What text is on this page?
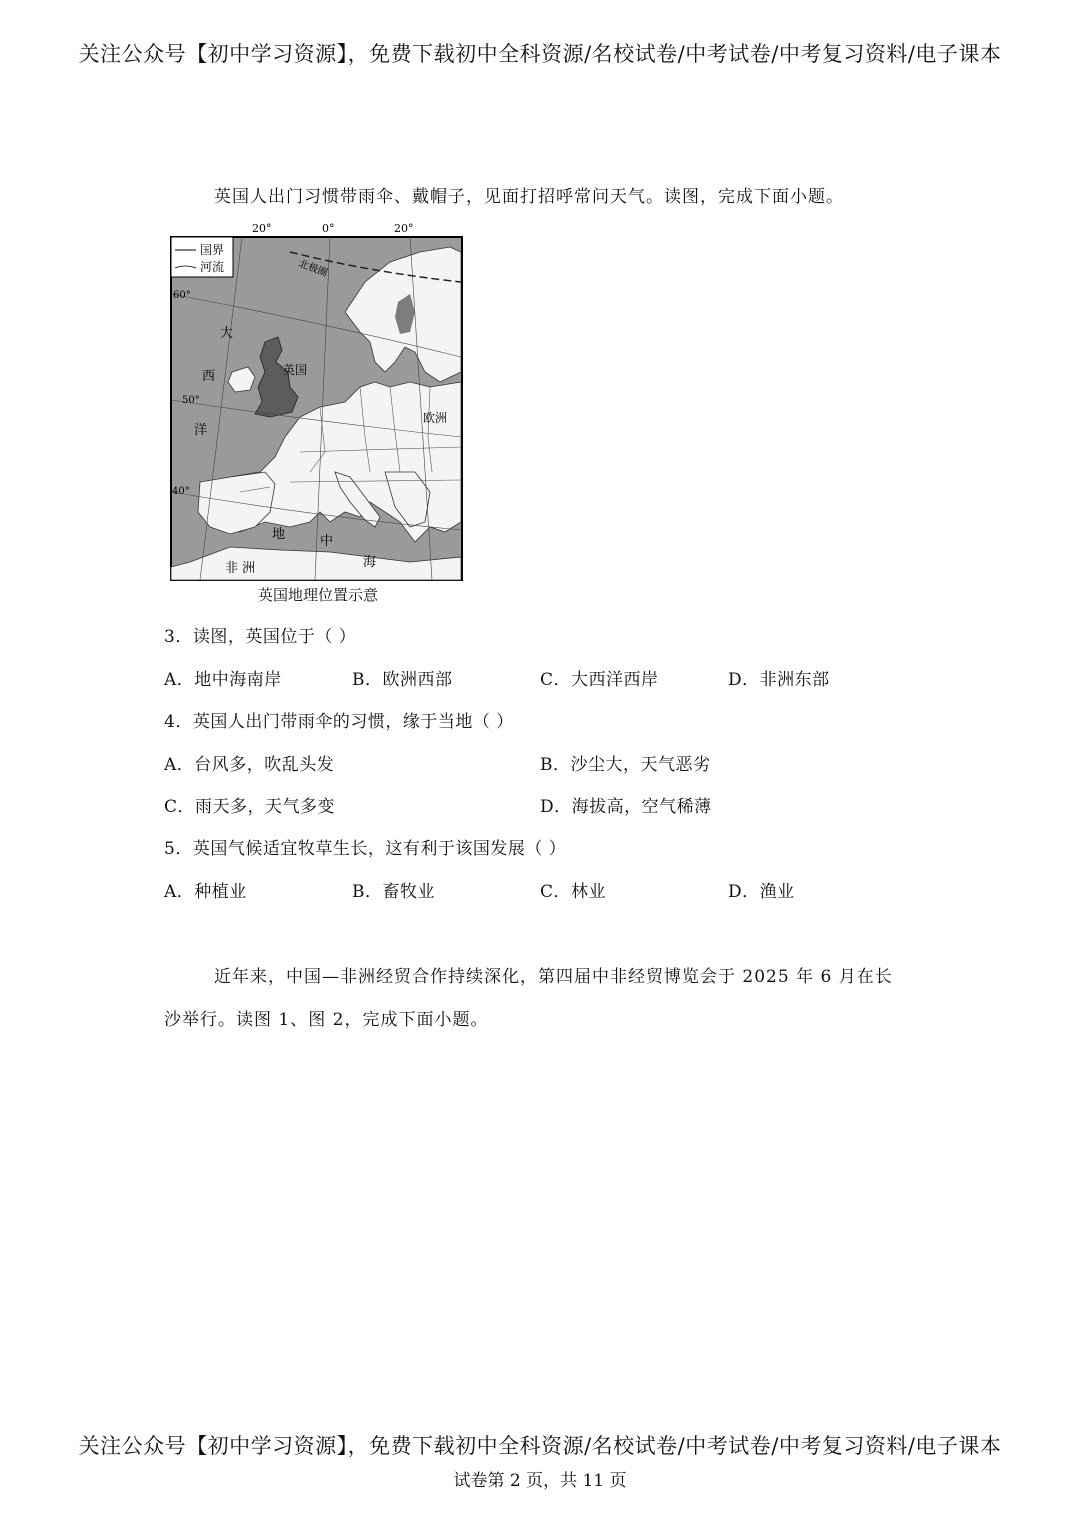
关注公众号【初中学习资源】，免费下载初中全科资源/名校试卷/中考试卷/中考复习资料/电子课本
英国人出门习惯带雨伞、戴帽子，见面打招呼常问天气。读图，完成下面小题。
20°	0°	20°
北极圈
国界
河流
60°
50°
40°
大
西
洋
英国
欧洲
地	中
海
非 洲
英国地理位置示意
3．读图，英国位于（ ）
A．地中海南岸	B．欧洲西部	C．大西洋西岸	D．非洲东部
4．英国人出门带雨伞的习惯，缘于当地（ ）
A．台风多，吹乱头发	B．沙尘大，天气恶劣
C．雨天多，天气多变	D．海拔高，空气稀薄
5．英国气候适宜牧草生长，这有利于该国发展（ ）
A．种植业	B．畜牧业	C．林业	D．渔业
近年来，中国—非洲经贸合作持续深化，第四届中非经贸博览会于 2025 年 6 月在长
沙举行。读图 1、图 2，完成下面小题。
关注公众号【初中学习资源】，免费下载初中全科资源/名校试卷/中考试卷/中考复习资料/电子课本
试卷第 2 页，共 11 页
